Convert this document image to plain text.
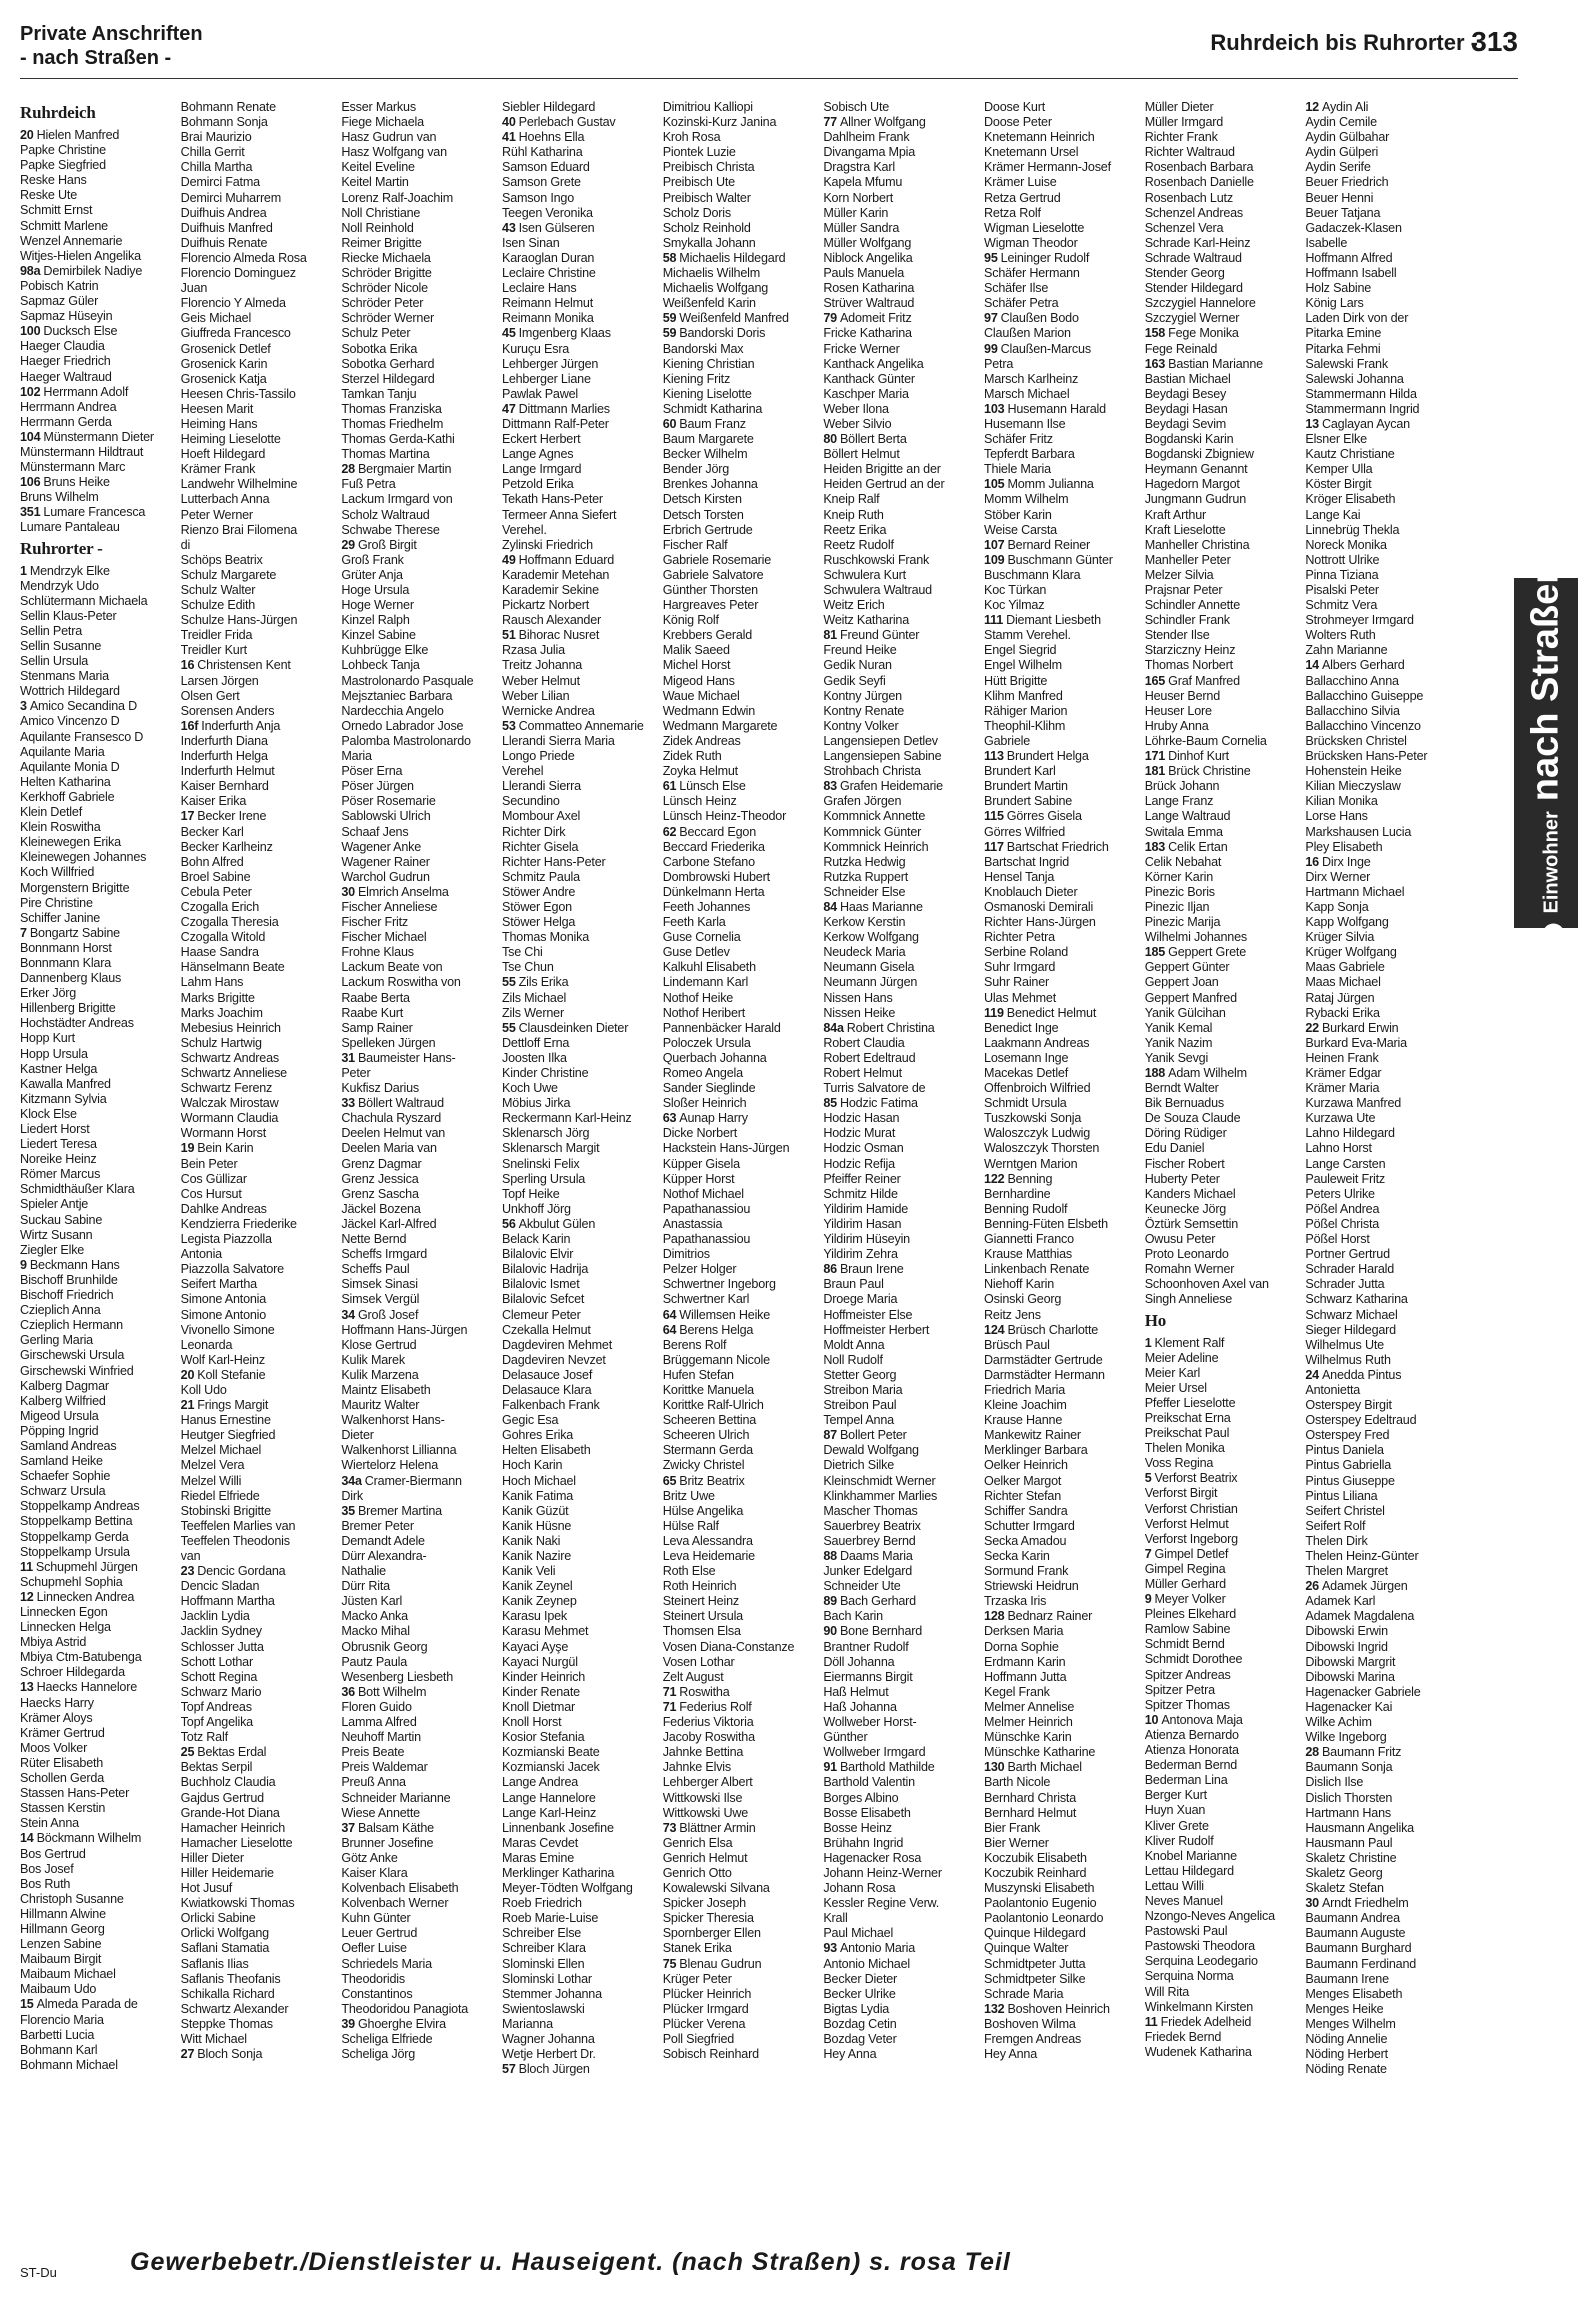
Private Anschriften
- nach Straßen -
Ruhrdeich bis Ruhrorter -
313
Ruhrdeich
20 Hielen Manfred
Papke Christine
Papke Siegfried
Reske Hans
Reske Ute
Schmitt Ernst
Schmitt Marlene
Wenzel Annemarie
Witjes-Hielen Angelika
98a Demirbilek Nadiye
Pobisch Katrin
Sapmaz Güler
Sapmaz Hüseyin
100 Ducksch Else
Haeger Claudia
Haeger Friedrich
Haeger Waltraud
102 Herrmann Adolf
Herrmann Andrea
Herrmann Gerda
104 Münstermann Dieter
Münstermann Hildtraut
Münstermann Marc
106 Bruns Heike
Bruns Wilhelm
351 Lumare Francesca
Lumare Pantaleau
Ruhrorter -
1 Mendrzyk Elke
Mendrzyk Udo
Schlütermann Michaela
Sellin Klaus-Peter
Sellin Petra
Sellin Susanne
Sellin Ursula
Stenmans Maria
Wottrich Hildegard
3 Amico Secandina D
Amico Vincenzo D
Aquilante Fransesco D
Aquilante Maria
Aquilante Monia D
Helten Katharina
Kerkhoff Gabriele
Klein Detlef
Klein Roswitha
Kleinewegen Erika
Kleinewegen Johannes
Koch Willfried
Morgenstern Brigitte
Pire Christine
Schiffer Janine
7 Bongartz Sabine
Bonnmann Horst
Bonnmann Klara
Dannenberg Klaus
Erker Jörg
Hillenberg Brigitte
Hochstädter Andreas
Hopp Kurt
Hopp Ursula
Kastner Helga
Kawalla Manfred
Kitzmann Sylvia
Klock Else
Liedert Horst
Liedert Teresa
Noreike Heinz
Römer Marcus
Schmidthäußer Klara
Spieler Antje
Suckau Sabine
Wirtz Susann
Ziegler Elke
9 Beckmann Hans
Bischoff Brunhilde
Bischoff Friedrich
Czieplich Anna
Czieplich Hermann
Gerling Maria
Girschewski Ursula
Girschewski Winfried
Kalberg Dagmar
Kalberg Wilfried
Migeod Ursula
Pöpping Ingrid
Samland Andreas
Samland Heike
Schaefer Sophie
Schwarz Ursula
Stoppelkamp Andreas
Stoppelkamp Bettina
Stoppelkamp Gerda
Stoppelkamp Ursula
11 Schupmehl Jürgen
Schupmehl Sophia
12 Linnecken Andrea
Linnecken Egon
Linnecken Helga
Mbiya Astrid
Mbiya Ctm-Batubenga
Schroer Hildegarda
13 Haecks Hannelore
Haecks Harry
Krämer Aloys
Krämer Gertrud
Moos Volker
Rüter Elisabeth
Schollen Gerda
Stassen Hans-Peter
Stassen Kerstin
Stein Anna
14 Böckmann Wilhelm
Bos Gertrud
Bos Josef
Bos Ruth
Christoph Susanne
Hillmann Alwine
Hillmann Georg
Lenzen Sabine
Maibaum Birgit
Maibaum Michael
Maibaum Udo
15 Almeda Parada de
Florencio Maria
Barbetti Lucia
Bohmann Karl
Bohmann Michael
Bohmann Renate
Bohmann Sonja
Brai Maurizio
Chilla Gerrit
Chilla Martha
Demirci Fatma
Demirci Muharrem
Duifhuis Andrea
Duifhuis Manfred
Duifhuis Renate
Florencio Almeda Rosa
Florencio Dominguez
Juan
Florencio Y Almeda
Geis Michael
Giuffreda Francesco
Grosenick Detlef
Grosenick Karin
Grosenick Katja
Heesen Chris-Tassilo
Heesen Marit
Heiming Hans
Heiming Lieselotte
Hoeft Hildegard
Krämer Frank
Landwehr Wilhelmine
Lutterbach Anna
Peter Werner
Rienzo Brai Filomena
di
Schöps Beatrix
Schulz Margarete
Schulz Walter
Schulze Edith
Schulze Hans-Jürgen
Treidler Frida
Treidler Kurt
16 Christensen Kent
Larsen Jörgen
Olsen Gert
Sorensen Anders
16f Inderfurth Anja
Inderfurth Diana
Inderfurth Helga
Inderfurth Helmut
Kaiser Bernhard
Kaiser Erika
17 Becker Irene
Becker Karl
Becker Karlheinz
Bohn Alfred
Broel Sabine
Cebula Peter
Czogalla Erich
Czogalla Theresia
Czogalla Witold
Haase Sandra
Hänselmann Beate
Lahm Hans
Marks Brigitte
Marks Joachim
Mebesius Heinrich
Schulz Hartwig
Schwartz Andreas
Schwartz Anneliese
Schwartz Ferenz
Walczak Mirostaw
Wormann Claudia
Wormann Horst
19 Bein Karin
Bein Peter
Cos Güllizar
Cos Hursut
Dahlke Andreas
Kendzierra Friederike
Legista Piazzolla
Antonia
Piazzolla Salvatore
Seifert Martha
Simone Antonia
Simone Antonio
Vivonello Simone
Leonarda
Wolf Karl-Heinz
20 Koll Stefanie
Koll Udo
21 Frings Margit
Hanus Ernestine
Heutger Siegfried
Melzel Michael
Melzel Vera
Melzel Willi
Riedel Elfriede
Stobinski Brigitte
Teeffelen Marlies van
Teeffelen Theodonis
van
23 Dencic Gordana
Dencic Sladan
Hoffmann Martha
Jacklin Lydia
Jacklin Sydney
Schlosser Jutta
Schott Lothar
Schott Regina
Schwarz Mario
Topf Andreas
Topf Angelika
Totz Ralf
25 Bektas Erdal
Bektas Serpil
Buchholz Claudia
Gajdus Gertrud
Grande-Hot Diana
Hamacher Heinrich
Hamacher Lieselotte
Hiller Dieter
Hiller Heidemarie
Hot Jusuf
Kwiatkowski Thomas
Orlicki Sabine
Orlicki Wolfgang
Saflani Stamatia
Saflanis Ilias
Saflanis Theofanis
Schikalla Richard
Schwartz Alexander
Steppke Thomas
Witt Michael
27 Bloch Sonja
Esser Markus
Fiege Michaela
Hasz Gudrun van
Hasz Wolfgang van
Keitel Eveline
Keitel Martin
Lorenz Ralf-Joachim
Noll Christiane
Noll Reinhold
Reimer Brigitte
Riecke Michaela
Schröder Brigitte
Schröder Nicole
Schröder Peter
Schröder Werner
Schulz Peter
Sobotka Erika
Sobotka Gerhard
Sterzel Hildegard
Tamkan Tanju
Thomas Franziska
Thomas Friedhelm
Thomas Gerda-Kathi
Thomas Martina
28 Bergmaier Martin
Fuß Petra
Lackum Irmgard von
Scholz Waltraud
Schwabe Therese
29 Groß Birgit
Groß Frank
Grüter Anja
Hoge Ursula
Hoge Werner
Kinzel Ralph
Kinzel Sabine
Kuhbrügge Elke
Lohbeck Tanja
Mastrolonardo Pasquale
Mejsztaniec Barbara
Nardecchia Angelo
Ornedo Labrador Jose
Palomba Mastrolonardo
Maria
Pöser Erna
Pöser Jürgen
Pöser Rosemarie
Sablowski Ulrich
Schaaf Jens
Wagener Anke
Wagener Rainer
Warchol Gudrun
30 Elmrich Anselma
Fischer Anneliese
Fischer Fritz
Fischer Michael
Frohne Klaus
Lackum Beate von
Lackum Roswitha von
Raabe Berta
Raabe Kurt
Samp Rainer
Spelleken Jürgen
31 Baumeister Hans-
Peter
Kukfisz Darius
33 Böllert Waltraud
Chachula Ryszard
Deelen Helmut van
Deelen Maria van
Grenz Dagmar
Grenz Jessica
Grenz Sascha
Jäckel Bozena
Jäckel Karl-Alfred
Nette Bernd
Scheffs Irmgard
Scheffs Paul
Simsek Sinasi
Simsek Vergül
34 Groß Josef
Hoffmann Hans-Jürgen
Klose Gertrud
Kulik Marek
Kulik Marzena
Maintz Elisabeth
Mauritz Walter
Walkenhorst Hans-
Dieter
Walkenhorst Lillianna
Wiertelorz Helena
34a Cramer-Biermann
Dirk
35 Bremer Martina
Bremer Peter
Demandt Adele
Dürr Alexandra-
Nathalie
Dürr Rita
Jüsten Karl
Macko Anka
Macko Mihal
Obrusnik Georg
Pautz Paula
Wesenberg Liesbeth
36 Bott Wilhelm
Floren Guido
Lamma Alfred
Neuhoff Martin
Preis Beate
Preis Waldemar
Preuß Anna
Schneider Marianne
Wiese Annette
37 Balsam Käthe
Brunner Josefine
Götz Anke
Kaiser Klara
Kolvenbach Elisabeth
Kolvenbach Werner
Kuhn Günter
Leuer Gertrud
Oefler Luise
Schriedels Maria
Theodoridis
Constantinos
Theodoridou Panagiota
39 Ghoerghe Elvira
Scheliga Elfriede
Scheliga Jörg
Siebler Hildegard
40 Perlebach Gustav
41 Hoehns Ella
Rühl Katharina
Samson Eduard
Samson Grete
Samson Ingo
Teegen Veronika
43 Isen Gülseren
Isen Sinan
Karaoglan Duran
Leclaire Christine
Leclaire Hans
Reimann Helmut
Reimann Monika
45 Imgenberg Klaas
Kuruçu Esra
Lehberger Jürgen
Lehberger Liane
Pawlak Pawel
47 Dittmann Marlies
Dittmann Ralf-Peter
Eckert Herbert
Lange Agnes
Lange Irmgard
Petzold Erika
Tekath Hans-Peter
Termeer Anna Siefert
Verehel.
Zylinski Friedrich
49 Hoffmann Eduard
Karademir Metehan
Karademir Sekine
Pickartz Norbert
Rausch Alexander
51 Bihorac Nusret
Rzasa Julia
Treitz Johanna
Weber Helmut
Weber Lilian
Wernicke Andrea
53 Commatteo Annemarie
Llerandi Sierra Maria
Longo Priede
Verehel
Llerandi Sierra
Secundino
Mombour Axel
Richter Dirk
Richter Gisela
Richter Hans-Peter
Schmitz Paula
Stöwer Andre
Stöwer Egon
Stöwer Helga
Thomas Monika
Tse Chi
Tse Chun
55 Zils Erika
Zils Michael
Zils Werner
55 Clausdeinken Dieter
Dettloff Erna
Joosten Ilka
Kinder Christine
Koch Uwe
Möbius Jirka
Reckermann Karl-Heinz
Sklenarsch Jörg
Sklenarsch Margit
Snelinski Felix
Sperling Ursula
Topf Heike
Unkhoff Jörg
56 Akbulut Gülen
Belack Karin
Bilalovic Elvir
Bilalovic Hadrija
Bilalovic Ismet
Bilalovic Sefcet
Clemeur Peter
Czekalla Helmut
Dagdeviren Mehmet
Dagdeviren Nevzet
Delasauce Josef
Delasauce Klara
Falkenbach Frank
Gegic Esa
Gohres Erika
Helten Elisabeth
Hoch Karin
Hoch Michael
Kanik Fatima
Kanik Güzüt
Kanik Hüsne
Kanik Naki
Kanik Nazire
Kanik Veli
Kanik Zeynel
Kanik Zeynep
Karasu Ipek
Karasu Mehmet
Kayaci Ayşe
Kayaci Nurgül
Kinder Heinrich
Kinder Renate
Knoll Dietmar
Knoll Horst
Kosior Stefania
Kozmianski Beate
Kozmianski Jacek
Lange Andrea
Lange Hannelore
Lange Karl-Heinz
Linnenbank Josefine
Maras Cevdet
Maras Emine
Merklinger Katharina
Meyer-Tödten Wolfgang
Roeb Friedrich
Roeb Marie-Luise
Schreiber Else
Schreiber Klara
Slominski Ellen
Slominski Lothar
Stemmer Johanna
Swientoslawski
Marianna
Wagner Johanna
Wetje Herbert Dr.
57 Bloch Jürgen
Dimitriou Kalliopi
Kozinski-Kurz Janina
Kroh Rosa
Piontek Luzie
Preibisch Christa
Preibisch Ute
Preibisch Walter
Scholz Doris
Scholz Reinhold
Smykalla Johann
58 Michaelis Hildegard
Michaelis Wilhelm
Michaelis Wolfgang
Weißenfeld Karin
59 Weißenfeld Manfred
59 Bandorski Doris
Bandorski Max
Kiening Christian
Kiening Fritz
Kiening Liselotte
Schmidt Katharina
60 Baum Franz
Baum Margarete
Becker Wilhelm
Bender Jörg
Brenkes Johanna
Detsch Kirsten
Detsch Torsten
Erbrich Gertrude
Fischer Ralf
Gabriele Rosemarie
Gabriele Salvatore
Günther Thorsten
Hargreaves Peter
König Rolf
Krebbers Gerald
Malik Saeed
Michel Horst
Migeod Hans
Waue Michael
Wedmann Edwin
Wedmann Margarete
Zidek Andreas
Zidek Ruth
Zoyka Helmut
61 Lünsch Else
Lünsch Heinz
Lünsch Heinz-Theodor
62 Beccard Egon
Beccard Friederika
Carbone Stefano
Dombrowski Hubert
Dünkelmann Herta
Feeth Johannes
Feeth Karla
Guse Cornelia
Guse Detlev
Kalkuhl Elisabeth
Lindemann Karl
Nothof Heike
Nothof Heribert
Pannenbäcker Harald
Poloczek Ursula
Querbach Johanna
Romeo Angela
Sander Sieglinde
Sloßer Heinrich
63 Aunap Harry
Dicke Norbert
Hackstein Hans-Jürgen
Küpper Gisela
Küpper Horst
Nothof Michael
Papathanassiou
Anastassia
Papathanassiou
Dimitrios
Pelzer Holger
Schwertner Ingeborg
Schwertner Karl
64 Willemsen Heike
64 Berens Helga
Berens Rolf
Brüggemann Nicole
Hufen Stefan
Korittke Manuela
Korittke Ralf-Ulrich
Scheeren Bettina
Scheeren Ulrich
Stermann Gerda
Zwicky Christel
65 Britz Beatrix
Britz Uwe
Hülse Angelika
Hülse Ralf
Leva Alessandra
Leva Heidemarie
Roth Else
Roth Heinrich
Steinert Heinz
Steinert Ursula
Thomsen Elsa
Vosen Diana-Constanze
Vosen Lothar
Zelt August
71 Roswitha
71 Federius Rolf
Federius Viktoria
Jacoby Roswitha
Jahnke Bettina
Jahnke Elvis
Lehberger Albert
Wittkowski Ilse
Wittkowski Uwe
73 Blättner Armin
Genrich Elsa
Genrich Helmut
Genrich Otto
Kowalewski Silvana
Spicker Joseph
Spicker Theresia
Spornberger Ellen
Stanek Erika
75 Blenau Gudrun
Krüger Peter
Plücker Heinrich
Plücker Irmgard
Plücker Verena
Poll Siegfried
Sobisch Reinhard
Sobisch Ute
77 Allner Wolfgang
Dahlheim Frank
Divangama Mpia
Dragstra Karl
Kapela Mfumu
Korn Norbert
Müller Karin
Müller Sandra
Müller Wolfgang
Niblock Angelika
Pauls Manuela
Rosen Katharina
Strüver Waltraud
79 Adomeit Fritz
Fricke Katharina
Fricke Werner
Kanthack Angelika
Kanthack Günter
Kaschper Maria
Weber Ilona
Weber Silvio
80 Böllert Berta
Böllert Helmut
Heiden Brigitte an der
Heiden Gertrud an der
Kneip Ralf
Kneip Ruth
Reetz Erika
Reetz Rudolf
Ruschkowski Frank
Schwulera Kurt
Schwulera Waltraud
Weitz Erich
Weitz Katharina
81 Freund Günter
Freund Heike
Gedik Nuran
Gedik Seyfi
Kontny Jürgen
Kontny Renate
Kontny Volker
Langensiepen Detlev
Langensiepen Sabine
Strohbach Christa
83 Grafen Heidemarie
Grafen Jörgen
Kommnick Annette
Kommnick Günter
Kommnick Heinrich
Rutzka Hedwig
Rutzka Ruppert
Schneider Else
84 Haas Marianne
Kerkow Kerstin
Kerkow Wolfgang
Neudeck Maria
Neumann Gisela
Neumann Jürgen
Nissen Hans
Nissen Heike
84a Robert Christina
Robert Claudia
Robert Edeltraud
Robert Helmut
Turris Salvatore de
85 Hodzic Fatima
Hodzic Hasan
Hodzic Murat
Hodzic Osman
Hodzic Refija
Pfeiffer Reiner
Schmitz Hilde
Yildirim Hamide
Yildirim Hasan
Yildirim Hüseyin
Yildirim Zehra
86 Braun Irene
Braun Paul
Droege Maria
Hoffmeister Else
Hoffmeister Herbert
Moldt Anna
Noll Rudolf
Stetter Georg
Streibon Maria
Streibon Paul
Tempel Anna
87 Bollert Peter
Dewald Wolfgang
Dietrich Silke
Kleinschmidt Werner
Klinkhammer Marlies
Mascher Thomas
Sauerbrey Beatrix
Sauerbrey Bernd
88 Daams Maria
Junker Edelgard
Schneider Ute
89 Bach Gerhard
Bach Karin
90 Bone Bernhard
Brantner Rudolf
Döll Johanna
Eiermanns Birgit
Haß Helmut
Haß Johanna
Wollweber Horst-
Günther
Wollweber Irmgard
91 Barthold Mathilde
Barthold Valentin
Borges Albino
Bosse Elisabeth
Bosse Heinz
Brühahn Ingrid
Hagenacker Rosa
Johann Heinz-Werner
Johann Rosa
Kessler Regine Verw.
Krall
Paul Michael
93 Antonio Maria
Antonio Michael
Becker Dieter
Becker Ulrike
Bigtas Lydia
Bozdag Cetin
Bozdag Veter
Hey Anna
Doose Kurt
Doose Peter
Knetemann Heinrich
Knetemann Ursel
Krämer Hermann-Josef
Krämer Luise
Retza Gertrud
Retza Rolf
Wigman Lieselotte
Wigman Theodor
95 Leininger Rudolf
Schäfer Hermann
Schäfer Ilse
Schäfer Petra
97 Claußen Bodo
Claußen Marion
99 Claußen-Marcus
Petra
Marsch Karlheinz
Marsch Michael
103 Husemann Harald
Husemann Ilse
Schäfer Fritz
Tepferdt Barbara
Thiele Maria
105 Momm Julianna
Momm Wilhelm
Stöber Karin
Weise Carsta
107 Bernard Reiner
109 Buschmann Günter
Buschmann Klara
Koc Türkan
Koc Yilmaz
111 Diemant Liesbeth
Stamm Verehel.
Engel Siegrid
Engel Wilhelm
Hütt Brigitte
Klihm Manfred
Rähiger Marion
Theophil-Klihm
Gabriele
113 Brundert Helga
Brundert Karl
Brundert Martin
Brundert Sabine
115 Görres Gisela
Görres Wilfried
117 Bartschat Friedrich
Bartschat Ingrid
Hensel Tanja
Knoblauch Dieter
Osmanoski Demirali
Richter Hans-Jürgen
Richter Petra
Serbine Roland
Suhr Irmgard
Suhr Rainer
Ulas Mehmet
119 Benedict Helmut
Benedict Inge
Laakmann Andreas
Losemann Inge
Macekas Detlef
Offenbroich Wilfried
Schmidt Ursula
Tuszkowski Sonja
Waloszczyk Ludwig
Waloszczyk Thorsten
Werntgen Marion
122 Benning
Bernhardine
Benning Rudolf
Benning-Füten Elsbeth
Giannetti Franco
Krause Matthias
Linkenbach Renate
Niehoff Karin
Osinski Georg
Reitz Jens
124 Brüsch Charlotte
Brüsch Paul
Darmstädter Gertrude
Darmstädter Hermann
Friedrich Maria
Kleine Joachim
Krause Hanne
Mankewitz Rainer
Merklinger Barbara
Oelker Heinrich
Oelker Margot
Richter Stefan
Schiffer Sandra
Schutter Irmgard
Secka Amadou
Secka Karin
Sormund Frank
Striewski Heidrun
Trzaska Iris
128 Bednarz Rainer
Derksen Maria
Dorna Sophie
Erdmann Karin
Hoffmann Jutta
Kegel Frank
Melmer Annelise
Melmer Heinrich
Münschke Karin
Münschke Katharine
130 Barth Michael
Barth Nicole
Bernhard Christa
Bernhard Helmut
Bier Frank
Bier Werner
Koczubik Elisabeth
Koczubik Reinhard
Muszynski Elisabeth
Paolantonio Eugenio
Paolantonio Leonardo
Quinque Hildegard
Quinque Walter
Schmidtpeter Jutta
Schmidtpeter Silke
Schrade Maria
132 Boshoven Heinrich
Boshoven Wilma
Fremgen Andreas
Hey Anna
Müller Dieter
Müller Irmgard
Richter Frank
Richter Waltraud
Rosenbach Barbara
Rosenbach Danielle
Rosenbach Lutz
Schenzel Andreas
Schenzel Vera
Schrade Karl-Heinz
Schrade Waltraud
Stender Georg
Stender Hildegard
Szczygiel Hannelore
Szczygiel Werner
158 Fege Monika
Fege Reinald
163 Bastian Marianne
Bastian Michael
Beydagi Besey
Beydagi Hasan
Beydagi Sevim
Bogdanski Karin
Bogdanski Zbigniew
Heymann Genannt
Hagedorn Margot
Jungmann Gudrun
Kraft Arthur
Kraft Lieselotte
Manheller Christina
Manheller Peter
Melzer Silvia
Prajsnar Peter
Schindler Annette
Schindler Frank
Stender Ilse
Starziczny Heinz
Thomas Norbert
165 Graf Manfred
Heuser Bernd
Heuser Lore
Hruby Anna
Löhrke-Baum Cornelia
171 Dinhof Kurt
181 Brück Christine
Brück Johann
Lange Franz
Lange Waltraud
Switala Emma
183 Celik Ertan
Celik Nebahat
Körner Karin
Pinezic Boris
Pinezic Iljan
Pinezic Marija
Wilhelmi Johannes
185 Geppert Grete
Geppert Günter
Geppert Joan
Geppert Manfred
Yanik Gülcihan
Yanik Kemal
Yanik Nazim
Yanik Sevgi
188 Adam Wilhelm
Berndt Walter
Bik Bernuadus
De Souza Claude
Döring Rüdiger
Edu Daniel
Fischer Robert
Huberty Peter
Kanders Michael
Keunecke Jörg
Öztürk Semsettin
Owusu Peter
Proto Leonardo
Romahn Werner
Schoonhoven Axel van
Singh Anneliese
Ho
1 Klement Ralf
Meier Adeline
Meier Karl
Meier Ursel
Pfeffer Lieselotte
Preikschat Erna
Preikschat Paul
Thelen Monika
Voss Regina
5 Verforst Beatrix
Verforst Birgit
Verforst Christian
Verforst Helmut
Verforst Ingeborg
7 Gimpel Detlef
Gimpel Regina
Müller Gerhard
9 Meyer Volker
Pleines Elkehard
Ramlow Sabine
Schmidt Bernd
Schmidt Dorothee
Spitzer Andreas
Spitzer Petra
Spitzer Thomas
10 Antonova Maja
Atienza Bernardo
Atienza Honorata
Bederman Bernd
Bederman Lina
Berger Kurt
Huyn Xuan
Kliver Grete
Kliver Rudolf
Knobel Marianne
Lettau Hildegard
Lettau Willi
Neves Manuel
Nzongo-Neves Angelica
Pastowski Paul
Pastowski Theodora
Serquina Leodegario
Serquina Norma
Will Rita
Winkelmann Kirsten
11 Friedek Adelheid
Friedek Bernd
Wudenek Katharina
12 Aydin Ali
Aydin Cemile
Aydin Gülbahar
Aydin Gülperi
Aydin Serife
Beuer Friedrich
Beuer Henni
Beuer Tatjana
Gadaczek-Klasen
Isabelle
Hoffmann Alfred
Hoffmann Isabell
Holz Sabine
König Lars
Laden Dirk von der
Pitarka Emine
Pitarka Fehmi
Salewski Frank
Salewski Johanna
Stammermann Hilda
Stammermann Ingrid
13 Caglayan Aycan
Elsner Elke
Kautz Christiane
Kemper Ulla
Köster Birgit
Kröger Elisabeth
Lange Kai
Linnebrüg Thekla
Noreck Monika
Nottrott Ulrike
Pinna Tiziana
Pisalski Peter
Schmitz Vera
Strohmeyer Irmgard
Wolters Ruth
Zahn Marianne
14 Albers Gerhard
Ballacchino Anna
Ballacchino Guiseppe
Ballacchino Silvia
Ballacchino Vincenzo
Brücksken Christel
Brücksken Hans-Peter
Hohenstein Heike
Kilian Mieczyslaw
Kilian Monika
Lorse Hans
Markshausen Lucia
Pley Elisabeth
16 Dirx Inge
Dirx Werner
Hartmann Michael
Kapp Sonja
Kapp Wolfgang
Krüger Silvia
Krüger Wolfgang
Maas Gabriele
Maas Michael
Rataj Jürgen
Rybacki Erika
22 Burkard Erwin
Burkard Eva-Maria
Heinen Frank
Krämer Edgar
Krämer Maria
Kurzawa Manfred
Kurzawa Ute
Lahno Hildegard
Lahno Horst
Lange Carsten
Pauleweit Fritz
Peters Ulrike
Pößel Andrea
Pößel Christa
Pößel Horst
Portner Gertrud
Schrader Harald
Schrader Jutta
Schwarz Katharina
Schwarz Michael
Sieger Hildegard
Wilhelmus Ute
Wilhelmus Ruth
24 Anedda Pintus
Antonietta
Osterspey Birgit
Osterspey Edeltraud
Osterspey Fred
Pintus Daniela
Pintus Gabriella
Pintus Giuseppe
Pintus Liliana
Seifert Christel
Seifert Rolf
Thelen Dirk
Thelen Heinz-Günter
Thelen Margret
26 Adamek Jürgen
Adamek Karl
Adamek Magdalena
Dibowski Erwin
Dibowski Ingrid
Dibowski Margrit
Dibowski Marina
Hagenacker Gabriele
Hagenacker Kai
Wilke Achim
Wilke Ingeborg
28 Baumann Fritz
Baumann Sonja
Dislich Ilse
Dislich Thorsten
Hartmann Hans
Hausmann Angelika
Hausmann Paul
Skaletz Christine
Skaletz Georg
Skaletz Stefan
30 Arndt Friedhelm
Baumann Andrea
Baumann Auguste
Baumann Burghard
Baumann Ferdinand
Baumann Irene
Menges Elisabeth
Menges Heike
Menges Wilhelm
Nöding Annelie
Nöding Herbert
Nöding Renate
Einwohnernach Straßen
ST-Du	Gewerbebetr./Dienstleister u. Hauseigent. (nach Straßen) s. rosa Teil
